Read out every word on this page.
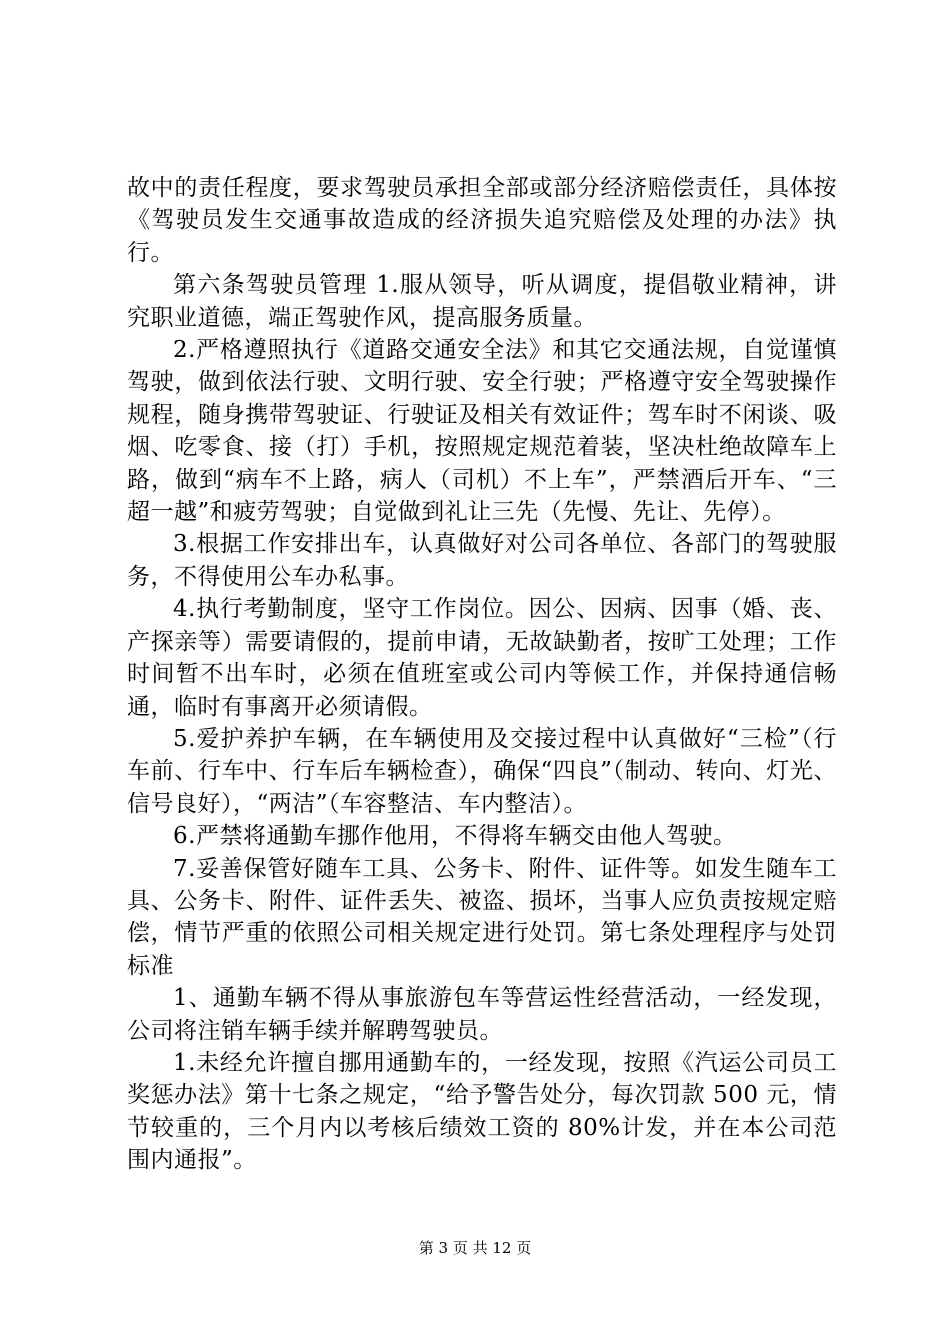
故中的责任程度，要求驾驶员承担全部或部分经济赔偿责任，具体按《驾驶员发生交通事故造成的经济损失追究赔偿及处理的办法》执行。

第六条驾驶员管理 1.服从领导，听从调度，提倡敬业精神，讲究职业道德，端正驾驶作风，提高服务质量。

2.严格遵照执行《道路交通安全法》和其它交通法规，自觉谨慎驾驶，做到依法行驶、文明行驶、安全行驶；严格遵守安全驾驶操作规程，随身携带驾驶证、行驶证及相关有效证件；驾车时不闲谈、吸烟、吃零食、接（打）手机，按照规定规范着装，坚决杜绝故障车上路，做到“病车不上路，病人（司机）不上车”，严禁酒后开车、“三超一越”和疲劳驾驶；自觉做到礼让三先（先慢、先让、先停）。

3.根据工作安排出车，认真做好对公司各单位、各部门的驾驶服务，不得使用公车办私事。

4.执行考勤制度，坚守工作岗位。因公、因病、因事（婚、丧、产探亲等）需要请假的，提前申请，无故缺勤者，按旷工处理；工作时间暂不出车时，必须在值班室或公司内等候工作，并保持通信畅通，临时有事离开必须请假。

5.爱护养护车辆，在车辆使用及交接过程中认真做好“三检”（行车前、行车中、行车后车辆检查），确保“四良”（制动、转向、灯光、信号良好），“两洁”（车容整洁、车内整洁）。

6.严禁将通勤车挪作他用，不得将车辆交由他人驾驶。

7.妥善保管好随车工具、公务卡、附件、证件等。如发生随车工具、公务卡、附件、证件丢失、被盗、损坏，当事人应负责按规定赔偿，情节严重的依照公司相关规定进行处罚。第七条处理程序与处罚标准

1、通勤车辆不得从事旅游包车等营运性经营活动，一经发现，公司将注销车辆手续并解聘驾驶员。

1.未经允许擅自挪用通勤车的，一经发现，按照《汽运公司员工奖惩办法》第十七条之规定，“给予警告处分，每次罚款 500 元，情节较重的，三个月内以考核后绩效工资的 80%计发，并在本公司范围内通报”。

第 3 页 共 12 页
